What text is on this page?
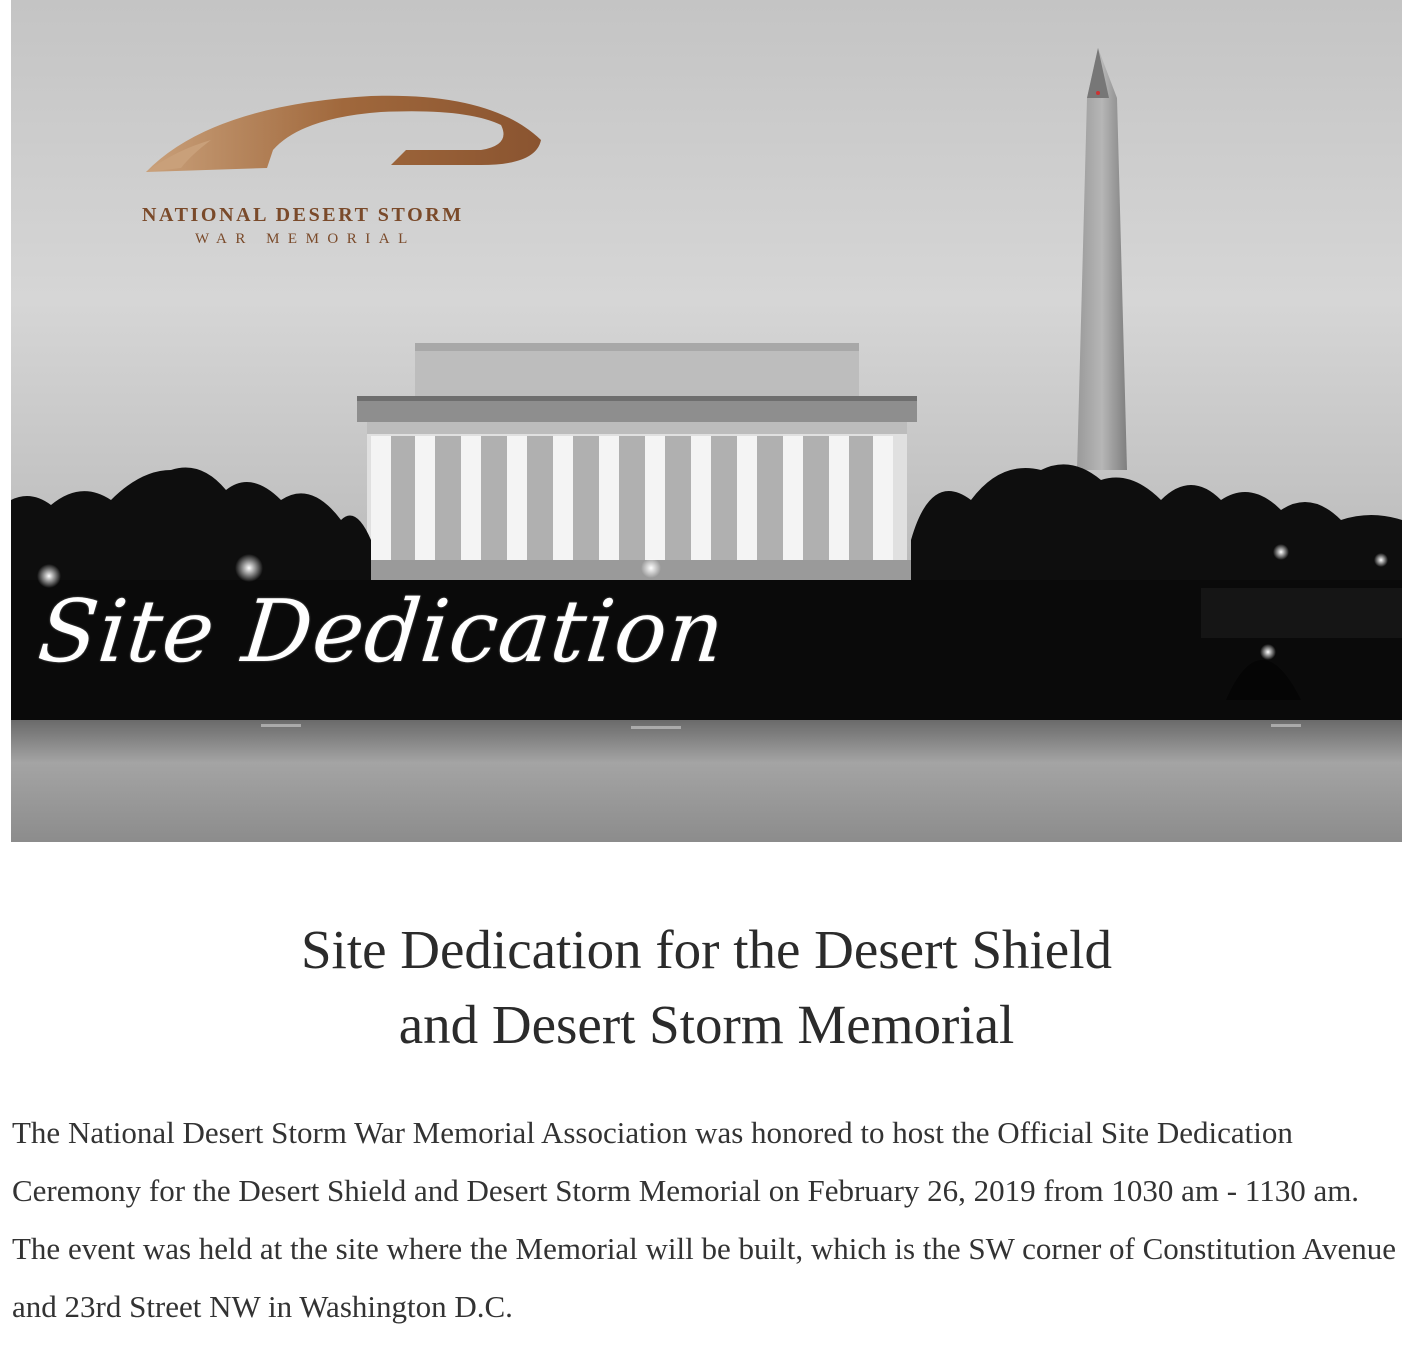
NATIONAL DESERT STORM
WAR MEMORIAL
Site Dedication
Site Dedication for the Desert Shield
and Desert Storm Memorial

The National Desert Storm War Memorial Association was honored to host the Official Site Dedication Ceremony for the Desert Shield and Desert Storm Memorial on February 26, 2019 from 1030 am - 1130 am. The event was held at the site where the Memorial will be built, which is the SW corner of Constitution Avenue and 23rd Street NW in Washington D.C.
